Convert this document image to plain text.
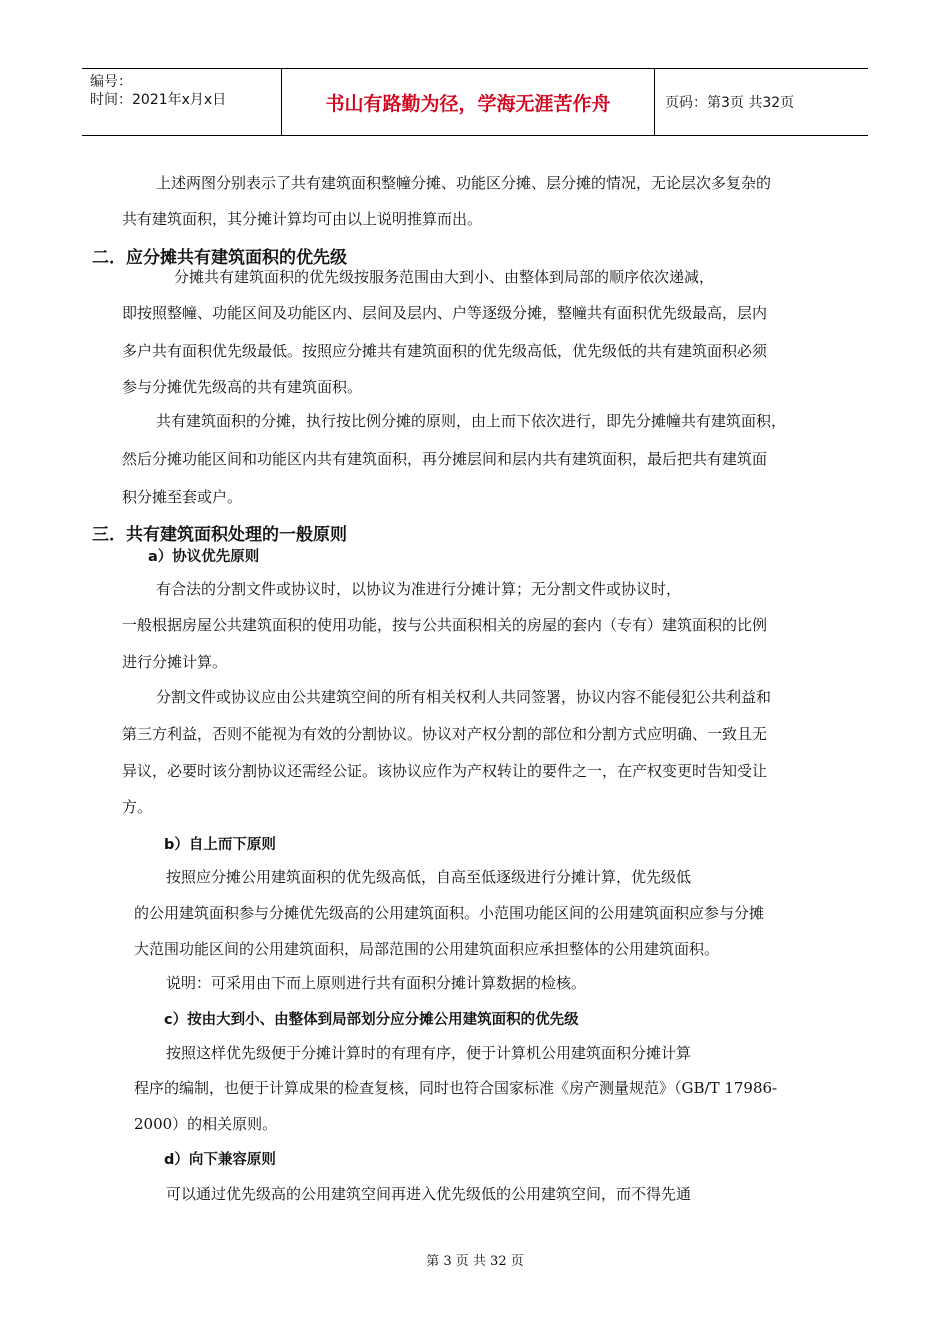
编号：
时间：2021年x月x日	书山有路勤为径，学海无涯苦作舟	页码：第3页 共32页

上述两图分别表示了共有建筑面积整幢分摊、功能区分摊、层分摊的情况，无论层次多复杂的

共有建筑面积，其分摊计算均可由以上说明推算而出。

二．应分摊共有建筑面积的优先级

分摊共有建筑面积的优先级按服务范围由大到小、由整体到局部的顺序依次递减，

即按照整幢、功能区间及功能区内、层间及层内、户等逐级分摊，整幢共有面积优先级最高，层内

多户共有面积优先级最低。按照应分摊共有建筑面积的优先级高低，优先级低的共有建筑面积必须

参与分摊优先级高的共有建筑面积。

共有建筑面积的分摊，执行按比例分摊的原则，由上而下依次进行，即先分摊幢共有建筑面积，

然后分摊功能区间和功能区内共有建筑面积，再分摊层间和层内共有建筑面积，最后把共有建筑面

积分摊至套或户。

三．共有建筑面积处理的一般原则
a）协议优先原则

有合法的分割文件或协议时，以协议为准进行分摊计算；无分割文件或协议时，

一般根据房屋公共建筑面积的使用功能，按与公共面积相关的房屋的套内（专有）建筑面积的比例

进行分摊计算。

分割文件或协议应由公共建筑空间的所有相关权利人共同签署，协议内容不能侵犯公共利益和

第三方利益，否则不能视为有效的分割协议。协议对产权分割的部位和分割方式应明确、一致且无

异议，必要时该分割协议还需经公证。该协议应作为产权转让的要件之一，在产权变更时告知受让

方。

b）自上而下原则

按照应分摊公用建筑面积的优先级高低，自高至低逐级进行分摊计算，优先级低

的公用建筑面积参与分摊优先级高的公用建筑面积。小范围功能区间的公用建筑面积应参与分摊

大范围功能区间的公用建筑面积，局部范围的公用建筑面积应承担整体的公用建筑面积。

说明：可采用由下而上原则进行共有面积分摊计算数据的检核。

c）按由大到小、由整体到局部划分应分摊公用建筑面积的优先级

按照这样优先级便于分摊计算时的有理有序，便于计算机公用建筑面积分摊计算

程序的编制，也便于计算成果的检查复核，同时也符合国家标准《房产测量规范》（GB/T 17986-

2000）的相关原则。

d）向下兼容原则

可以通过优先级高的公用建筑空间再进入优先级低的公用建筑空间，而不得先通

第 3 页 共 32 页
